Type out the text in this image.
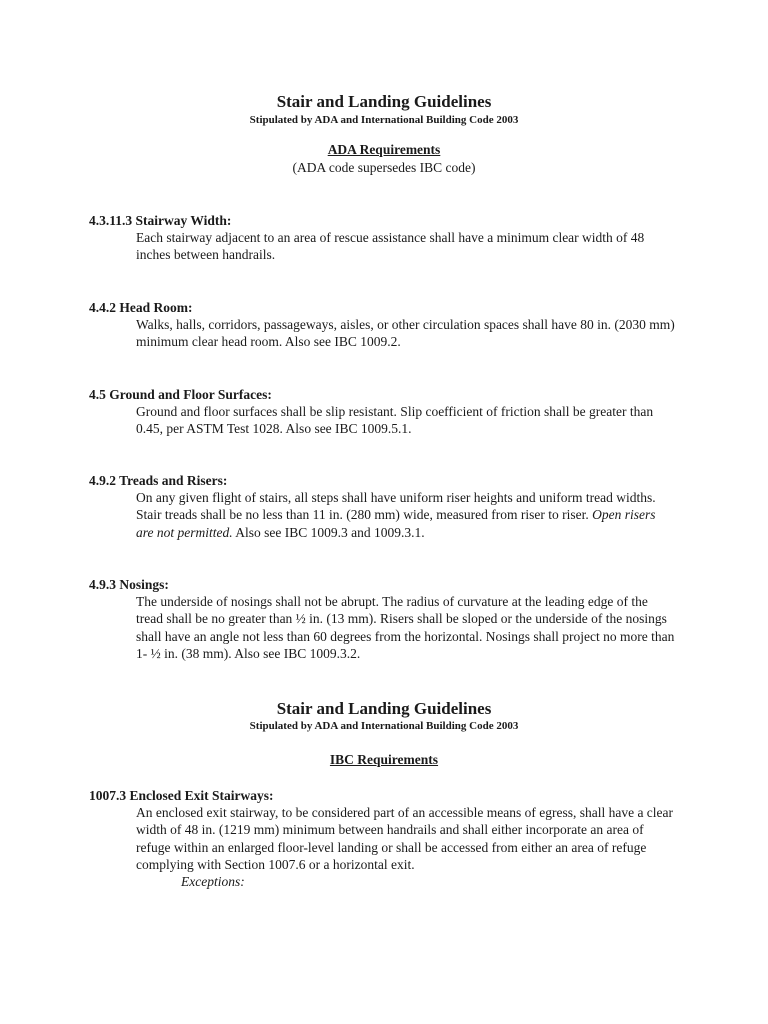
Stair and Landing Guidelines

Stipulated by ADA and International Building Code 2003

ADA Requirements

(ADA code supersedes IBC code)

4.3.11.3 Stairway Width:

Each stairway adjacent to an area of rescue assistance shall have a minimum clear width of 48 inches between handrails.

4.4.2 Head Room:

Walks, halls, corridors, passageways, aisles, or other circulation spaces shall have 80 in. (2030 mm) minimum clear head room. Also see IBC 1009.2.

4.5 Ground and Floor Surfaces:

Ground and floor surfaces shall be slip resistant. Slip coefficient of friction shall be greater than 0.45, per ASTM Test 1028. Also see IBC 1009.5.1.

4.9.2 Treads and Risers:

On any given flight of stairs, all steps shall have uniform riser heights and uniform tread widths. Stair treads shall be no less than 11 in. (280 mm) wide, measured from riser to riser. Open risers are not permitted. Also see IBC 1009.3 and 1009.3.1.

4.9.3 Nosings:

The underside of nosings shall not be abrupt. The radius of curvature at the leading edge of the tread shall be no greater than ½ in. (13 mm). Risers shall be sloped or the underside of the nosings shall have an angle not less than 60 degrees from the horizontal. Nosings shall project no more than 1- ½ in. (38 mm). Also see IBC 1009.3.2.

Stair and Landing Guidelines

Stipulated by ADA and International Building Code 2003

IBC Requirements

1007.3 Enclosed Exit Stairways:

An enclosed exit stairway, to be considered part of an accessible means of egress, shall have a clear width of 48 in. (1219 mm) minimum between handrails and shall either incorporate an area of refuge within an enlarged floor-level landing or shall be accessed from either an area of refuge complying with Section 1007.6 or a horizontal exit.

Exceptions:
